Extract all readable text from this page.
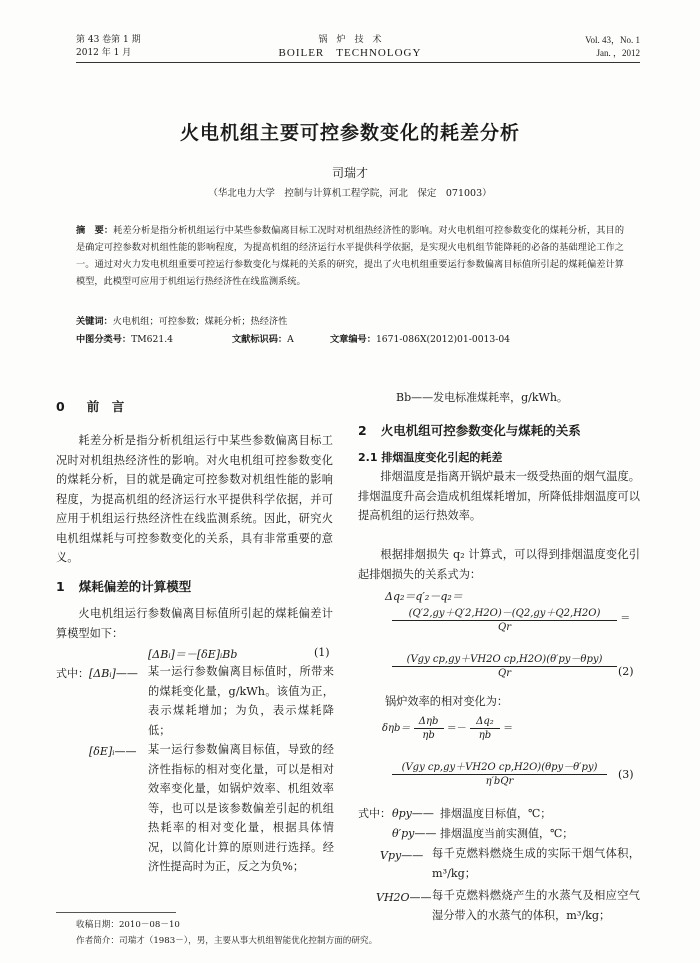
第 43 卷第 1 期
2012 年 1 月
锅　炉　技　术
BOILER　TECHNOLOGY
Vol. 43，No. 1
Jan. ，2012
火电机组主要可控参数变化的耗差分析
司瑞才
（华北电力大学　控制与计算机工程学院，河北　保定　071003）
摘　要：耗差分析是指分析机组运行中某些参数偏离目标工况时对机组热经济性的影响。对火电机组可控参数变化的煤耗分析，其目的是确定可控参数对机组性能的影响程度，为提高机组的经济运行水平提供科学依据，是实现火电机组节能降耗的必备的基础理论工作之一。通过对火力发电机组重要可控运行参数变化与煤耗的关系的研究，提出了火电机组重要运行参数偏离目标值所引起的煤耗偏差计算模型，此模型可应用于机组运行热经济性在线监测系统。
关键词：火电机组；可控参数；煤耗分析；热经济性
中图分类号：TM621.4	文献标识码：A	文章编号：1671-086X(2012)01-0013-04
0 前　言
耗差分析是指分析机组运行中某些参数偏离目标工况时对机组热经济性的影响。对火电机组可控参数变化的煤耗分析，目的就是确定可控参数对机组性能的影响程度，为提高机组的经济运行水平提供科学依据，并可应用于机组运行热经济性在线监测系统。因此，研究火电机组煤耗与可控参数变化的关系，具有非常重要的意义。
1 煤耗偏差的计算模型
火电机组运行参数偏离目标值所引起的煤耗偏差计算模型如下：
[ΔBᵢ]＝－[δE]ᵢBb	(1)
式中： [ΔBᵢ]—— 某一运行参数偏离目标值时，所带来的煤耗变化量，g/kWh。该值为正，表示煤耗增加；为负，表示煤耗降低；
[δE]ᵢ—— 某一运行参数偏离目标值，导致的经济性指标的相对变化量，可以是相对效率变化量，如锅炉效率、机组效率等，也可以是该参数偏差引起的机组热耗率的相对变化量，根据具体情况，以简化计算的原则进行选择。经济性提高时为正，反之为负%；
Bb——发电标准煤耗率，g/kWh。
2 火电机组可控参数变化与煤耗的关系
2.1 排烟温度变化引起的耗差
排烟温度是指离开锅炉最末一级受热面的烟气温度。排烟温度升高会造成机组煤耗增加，所降低排烟温度可以提高机组的运行热效率。
根据排烟损失 q₂ 计算式，可以得到排烟温度变化引起排烟损失的关系式为：
Δq₂＝q′₂－q₂＝
$\frac{(Q'2,gy+Q'2,H2O)-(Q2,gy+Q2,H2O)}{Qr}$ ＝
$\frac{\text{(Vgy cp,gy＋VH2O cp,H2O)(θ′py－θpy)}}{Qr} (2)$
锅炉效率的相对变化为：
$\delta\eta b= \frac{\text{Δηb}}{\eta b} =- \frac{\text{Δq₂}}{\eta b}$ ＝
$\frac{\text{(Vgy cp,gy＋VH2O cp,H2O)(θpy－θ′py)}}{\text{η′bQr}} (3)$
式中： θpy—— 排烟温度目标值，℃；
θ′py—— 排烟温度当前实测值，℃；
Vpy—— 每千克燃料燃烧生成的实际干烟气体积，m³/kg；
VH2O—— 每千克燃料燃烧产生的水蒸气及相应空气湿分带入的水蒸气的体积，m³/kg；
收稿日期：2010－08－10
作者简介：司瑞才（1983－），男，主要从事大机组智能优化控制方面的研究。
